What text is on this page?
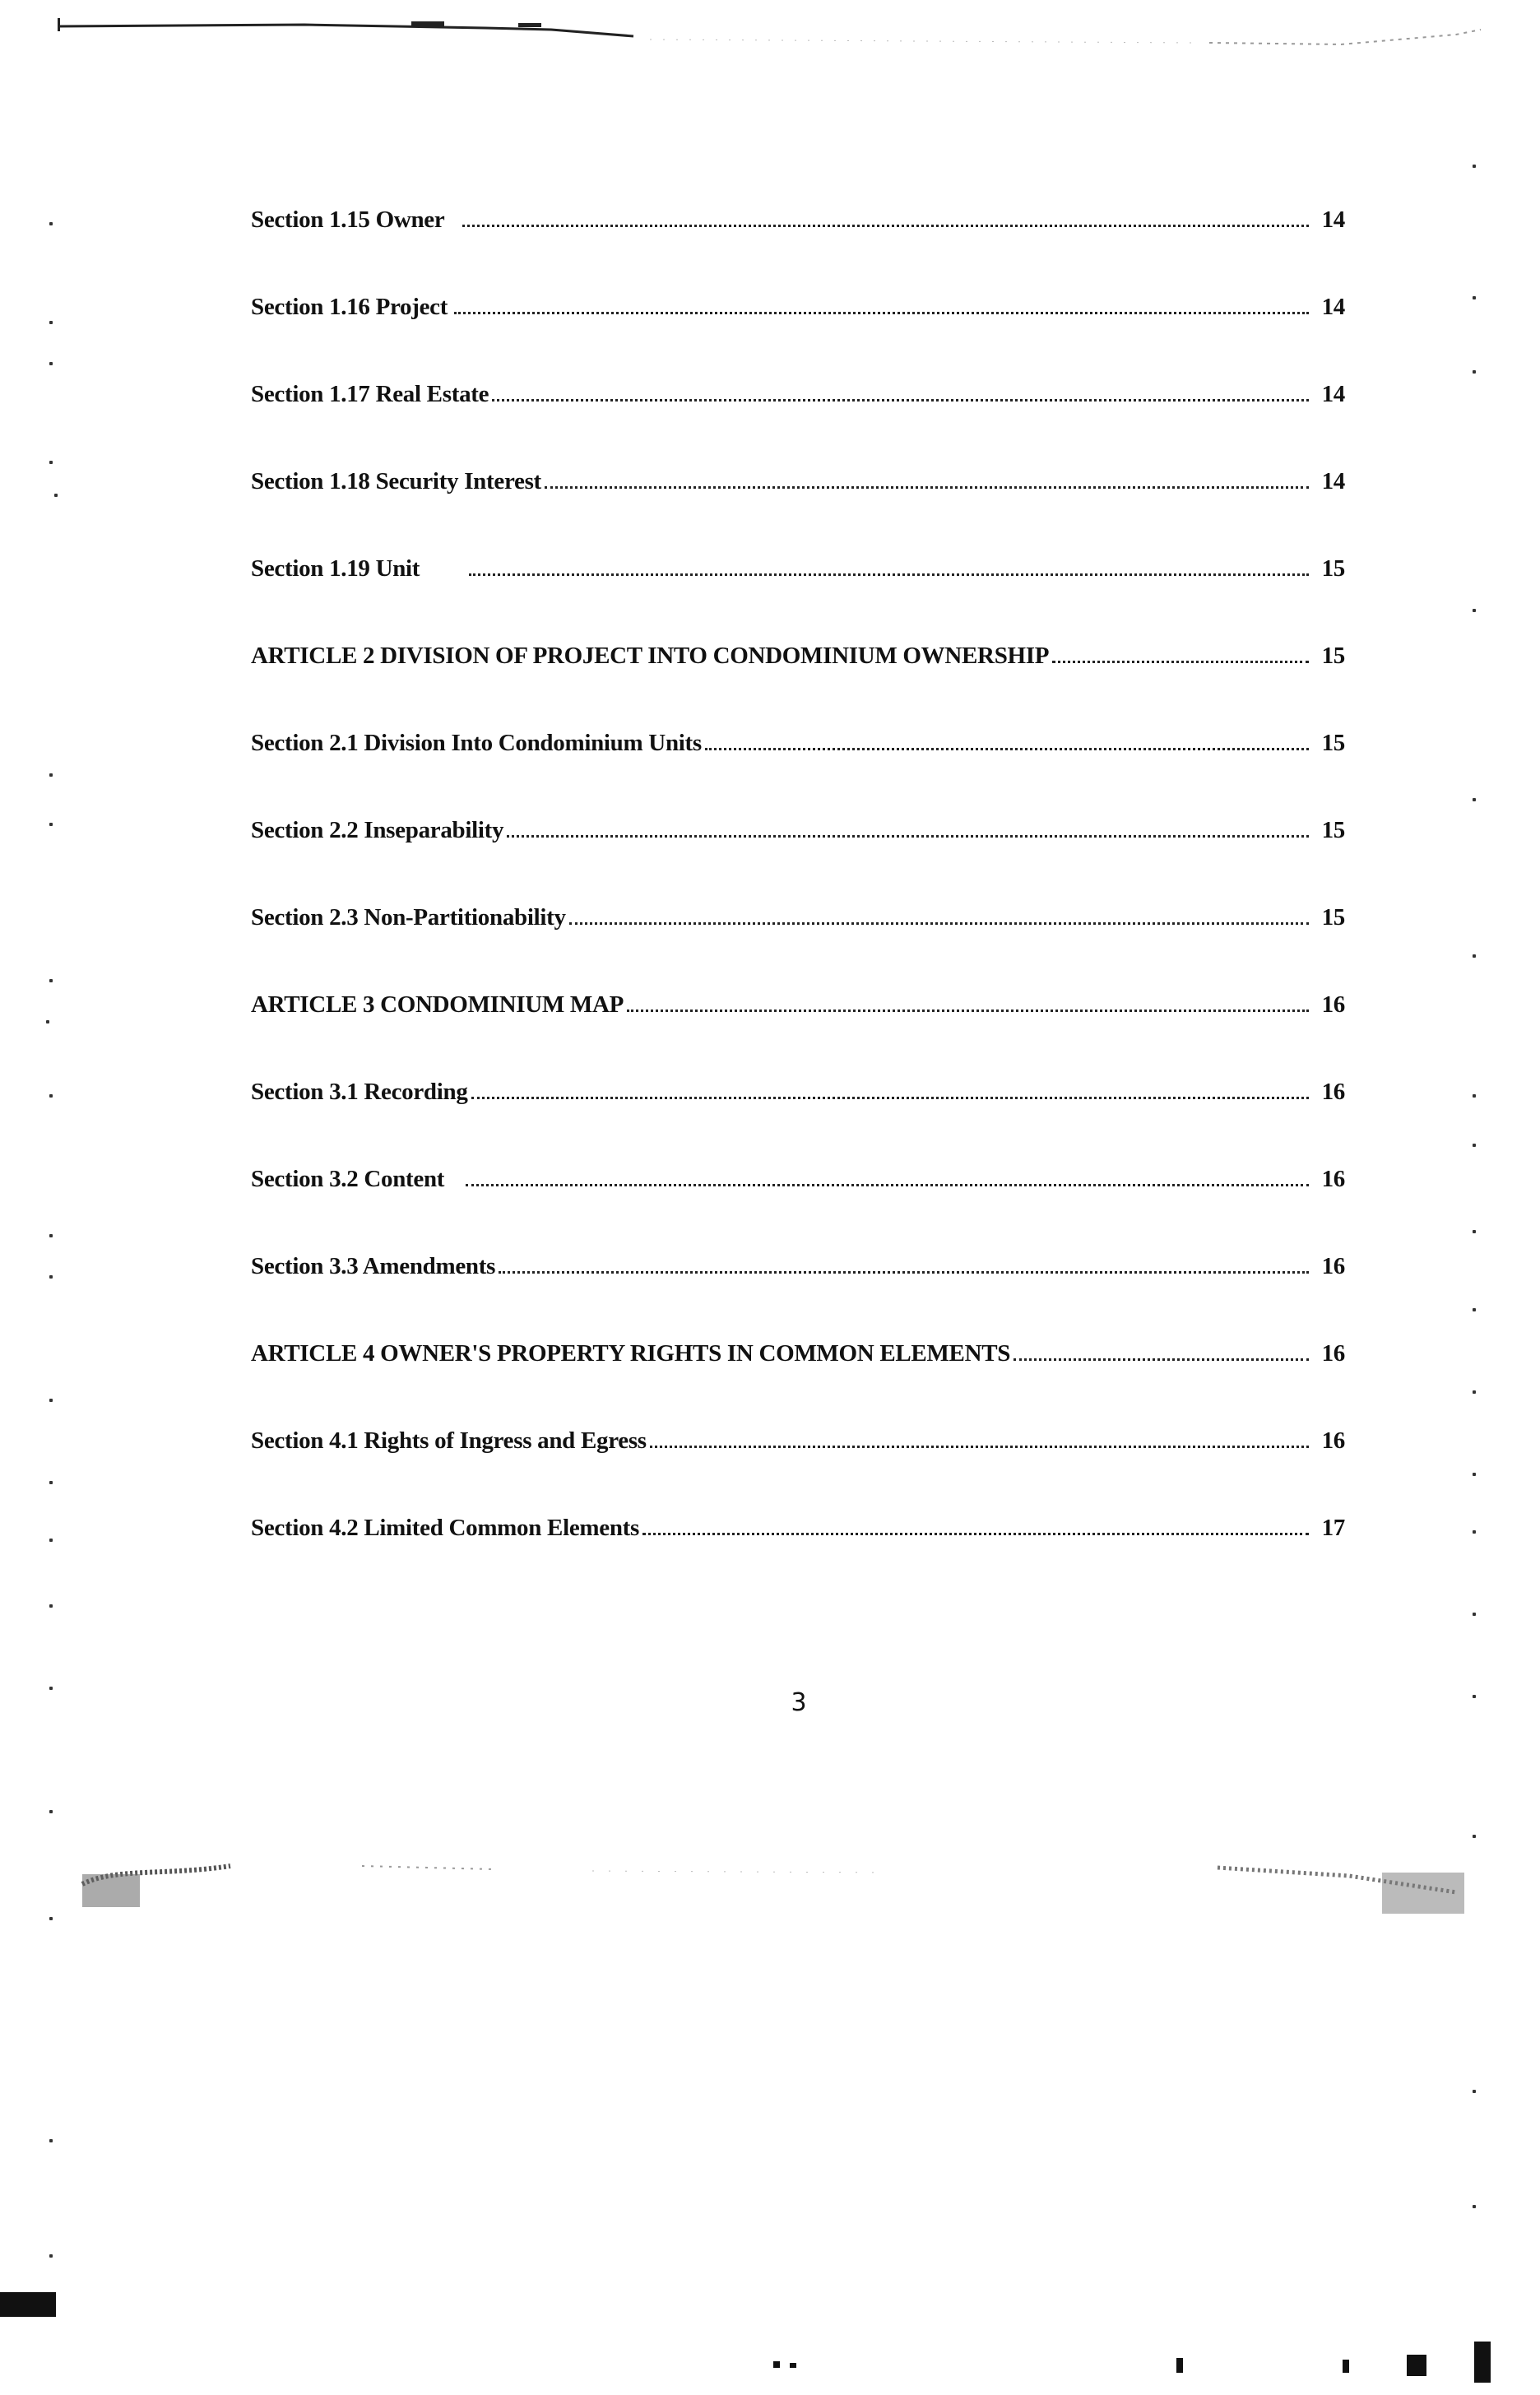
Section 1.15 Owner	14
Section 1.16 Project	14
Section 1.17 Real Estate	14
Section 1.18 Security Interest	14
Section 1.19 Unit	15
ARTICLE 2 DIVISION OF PROJECT INTO CONDOMINIUM OWNERSHIP	15
Section 2.1 Division Into Condominium Units	15
Section 2.2 Inseparability	15
Section 2.3 Non-Partitionability	15
ARTICLE 3 CONDOMINIUM MAP	16
Section 3.1 Recording	16
Section 3.2 Content	16
Section 3.3 Amendments	16
ARTICLE 4 OWNER'S PROPERTY RIGHTS IN COMMON ELEMENTS	16
Section 4.1 Rights of Ingress and Egress	16
Section 4.2 Limited Common Elements	17
3
